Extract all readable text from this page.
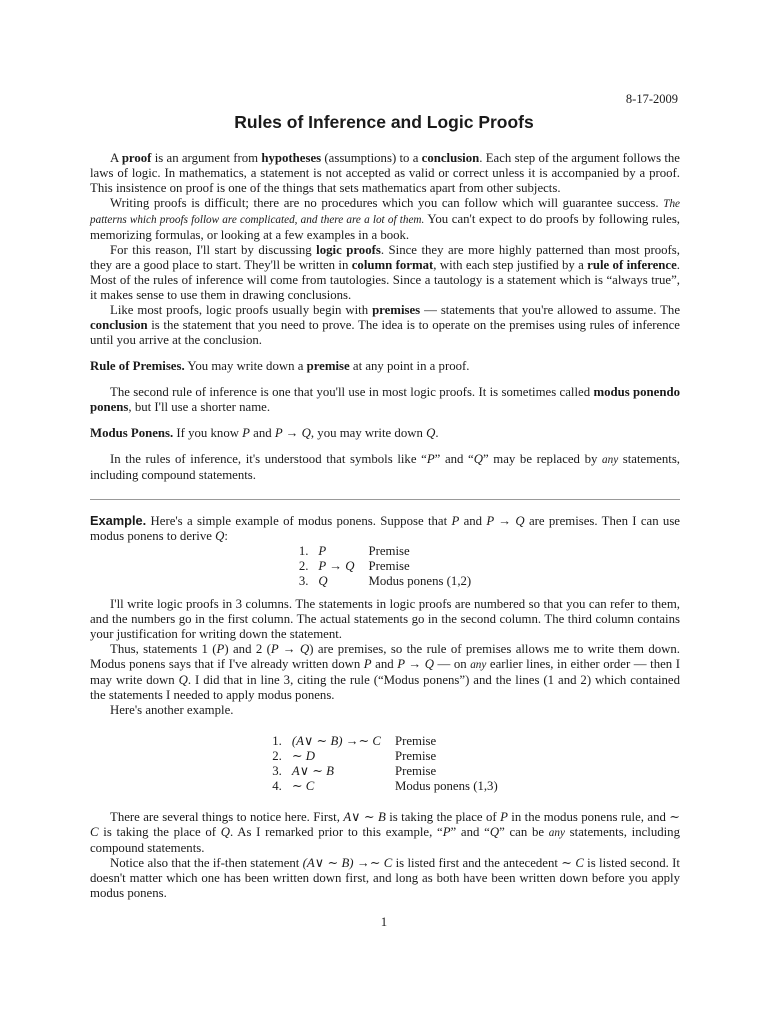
8-17-2009
Rules of Inference and Logic Proofs

A proof is an argument from hypotheses (assumptions) to a conclusion. Each step of the argument follows the laws of logic. In mathematics, a statement is not accepted as valid or correct unless it is accompanied by a proof. This insistence on proof is one of the things that sets mathematics apart from other subjects.

Writing proofs is difficult; there are no procedures which you can follow which will guarantee success. The patterns which proofs follow are complicated, and there are a lot of them. You can't expect to do proofs by following rules, memorizing formulas, or looking at a few examples in a book.

For this reason, I'll start by discussing logic proofs. Since they are more highly patterned than most proofs, they are a good place to start. They'll be written in column format, with each step justified by a rule of inference. Most of the rules of inference will come from tautologies. Since a tautology is a statement which is “always true”, it makes sense to use them in drawing conclusions.

Like most proofs, logic proofs usually begin with premises — statements that you're allowed to assume. The conclusion is the statement that you need to prove. The idea is to operate on the premises using rules of inference until you arrive at the conclusion.

Rule of Premises. You may write down a premise at any point in a proof.

The second rule of inference is one that you'll use in most logic proofs. It is sometimes called modus ponendo ponens, but I'll use a shorter name.

Modus Ponens. If you know P and P → Q, you may write down Q.

In the rules of inference, it's understood that symbols like “P” and “Q” may be replaced by any statements, including compound statements.

Example. Here's a simple example of modus ponens. Suppose that P and P → Q are premises. Then I can use modus ponens to derive Q:

1.	P	Premise
2.	P → Q	Premise
3.	Q	Modus ponens (1,2)

I'll write logic proofs in 3 columns. The statements in logic proofs are numbered so that you can refer to them, and the numbers go in the first column. The actual statements go in the second column. The third column contains your justification for writing down the statement.

Thus, statements 1 (P) and 2 (P → Q) are premises, so the rule of premises allows me to write them down. Modus ponens says that if I've already written down P and P → Q — on any earlier lines, in either order — then I may write down Q. I did that in line 3, citing the rule (“Modus ponens”) and the lines (1 and 2) which contained the statements I needed to apply modus ponens.

Here's another example.

1.	(A∨ ∼ B) →∼ C	Premise
2.	∼ D	Premise
3.	A∨ ∼ B	Premise
4.	∼ C	Modus ponens (1,3)

There are several things to notice here. First, A∨ ∼ B is taking the place of P in the modus ponens rule, and ∼ C is taking the place of Q. As I remarked prior to this example, “P” and “Q” can be any statements, including compound statements.

Notice also that the if-then statement (A∨ ∼ B) →∼ C is listed first and the antecedent ∼ C is listed second. It doesn't matter which one has been written down first, and long as both have been written down before you apply modus ponens.

1
